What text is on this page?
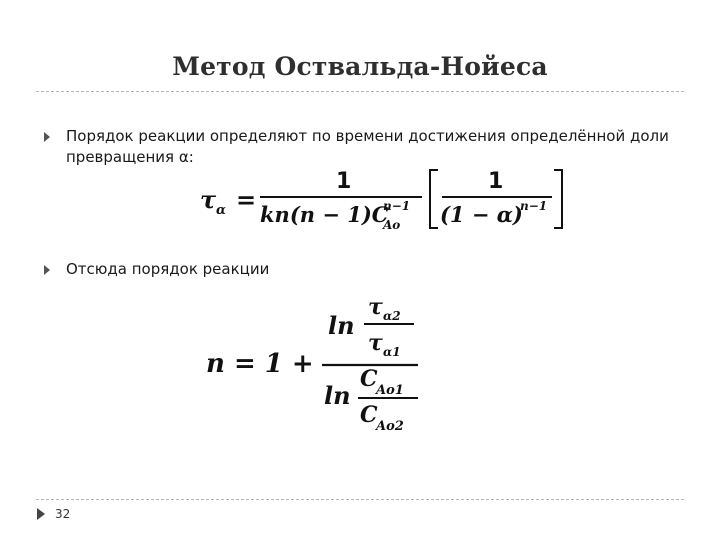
Метод Оствальда-Нойеса
Порядок реакции определяют по времени достижения определённой доли
превращения α:
τ α =
1
kn(n − 1)C
n−1
Ao
1
(1 − α)
n−1
Отсюда порядок реакции
n = 1 +
ln
τ α2
τ α1
ln
C
Ao1
C
Ao2
32
